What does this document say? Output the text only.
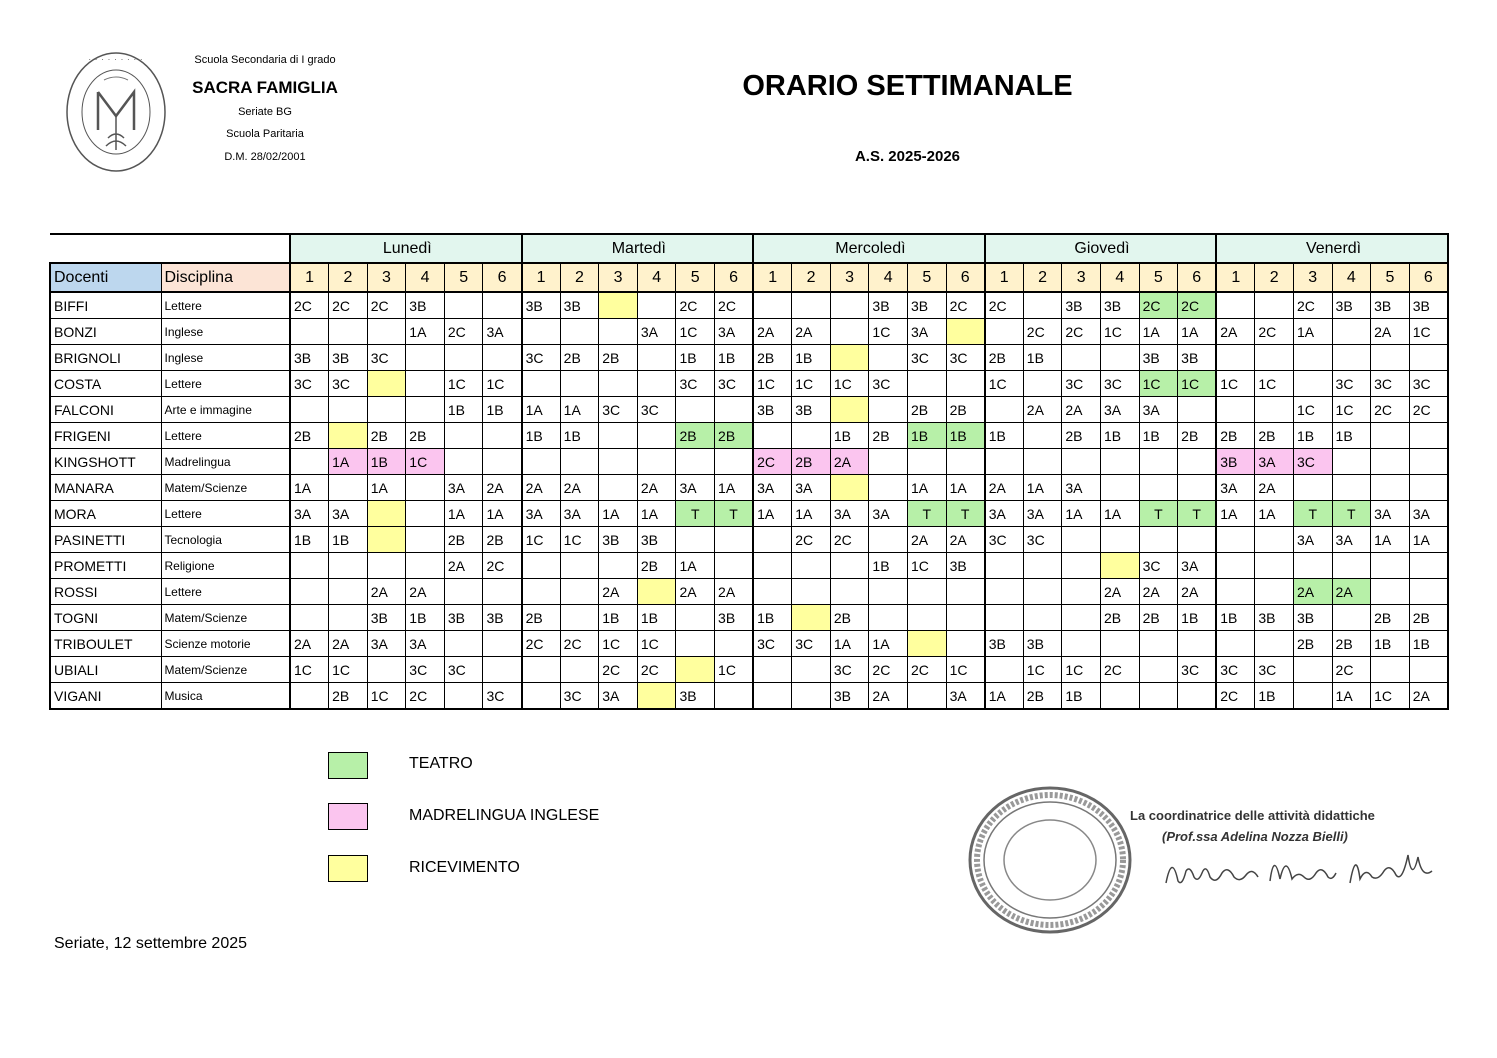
· · · · · · · · ·	Scuola Secondaria di I grado
SACRA FAMIGLIA
Seriate BG
Scuola Paritaria
D.M. 28/02/2001
ORARIO SETTIMANALE
A.S. 2025-2026
		Lunedì						Martedì						Mercoledì						Giovedì						Venerdì					
Docenti	Disciplina	1	2	3	4	5	6	1	2	3	4	5	6	1	2	3	4	5	6	1	2	3	4	5	6	1	2	3	4	5	6
BIFFI	Lettere	2C	2C	2C	3B			3B	3B			2C	2C				3B	3B	2C	2C		3B	3B	2C	2C			2C	3B	3B	3B
BONZI	Inglese				1A	2C	3A				3A	1C	3A	2A	2A		1C	3A			2C	2C	1C	1A	1A	2A	2C	1A		2A	1C
BRIGNOLI	Inglese	3B	3B	3C				3C	2B	2B		1B	1B	2B	1B			3C	3C	2B	1B			3B	3B						
COSTA	Lettere	3C	3C			1C	1C					3C	3C	1C	1C	1C	3C			1C		3C	3C	1C	1C	1C	1C		3C	3C	3C
FALCONI	Arte e immagine					1B	1B	1A	1A	3C	3C			3B	3B			2B	2B		2A	2A	3A	3A				1C	1C	2C	2C
FRIGENI	Lettere	2B		2B	2B			1B	1B			2B	2B			1B	2B	1B	1B	1B		2B	1B	1B	2B	2B	2B	1B	1B		
KINGSHOTT	Madrelingua		1A	1B	1C									2C	2B	2A										3B	3A	3C			
MANARA	Matem/Scienze	1A		1A		3A	2A	2A	2A		2A	3A	1A	3A	3A			1A	1A	2A	1A	3A				3A	2A				
MORA	Lettere	3A	3A			1A	1A	3A	3A	1A	1A	T	T	1A	1A	3A	3A	T	T	3A	3A	1A	1A	T	T	1A	1A	T	T	3A	3A
PASINETTI	Tecnologia	1B	1B			2B	2B	1C	1C	3B	3B				2C	2C		2A	2A	3C	3C							3A	3A	1A	1A
PROMETTI	Religione					2A	2C				2B	1A					1B	1C	3B					3C	3A						
ROSSI	Lettere			2A	2A					2A		2A	2A										2A	2A	2A			2A	2A		
TOGNI	Matem/Scienze			3B	1B	3B	3B	2B		1B	1B		3B	1B		2B							2B	2B	1B	1B	3B	3B		2B	2B
TRIBOULET	Scienze motorie	2A	2A	3A	3A			2C	2C	1C	1C			3C	3C	1A	1A			3B	3B							2B	2B	1B	1B
UBIALI	Matem/Scienze	1C	1C		3C	3C				2C	2C		1C			3C	2C	2C	1C		1C	1C	2C		3C	3C	3C		2C		
VIGANI	Musica		2B	1C	2C		3C		3C	3A		3B				3B	2A		3A	1A	2B	1B				2C	1B		1A	1C	2A
TEATRO
MADRELINGUA INGLESE
RICEVIMENTO
Seriate, 12 settembre 2025
La coordinatrice delle attività didattiche
(Prof.ssa Adelina Nozza Bielli)
